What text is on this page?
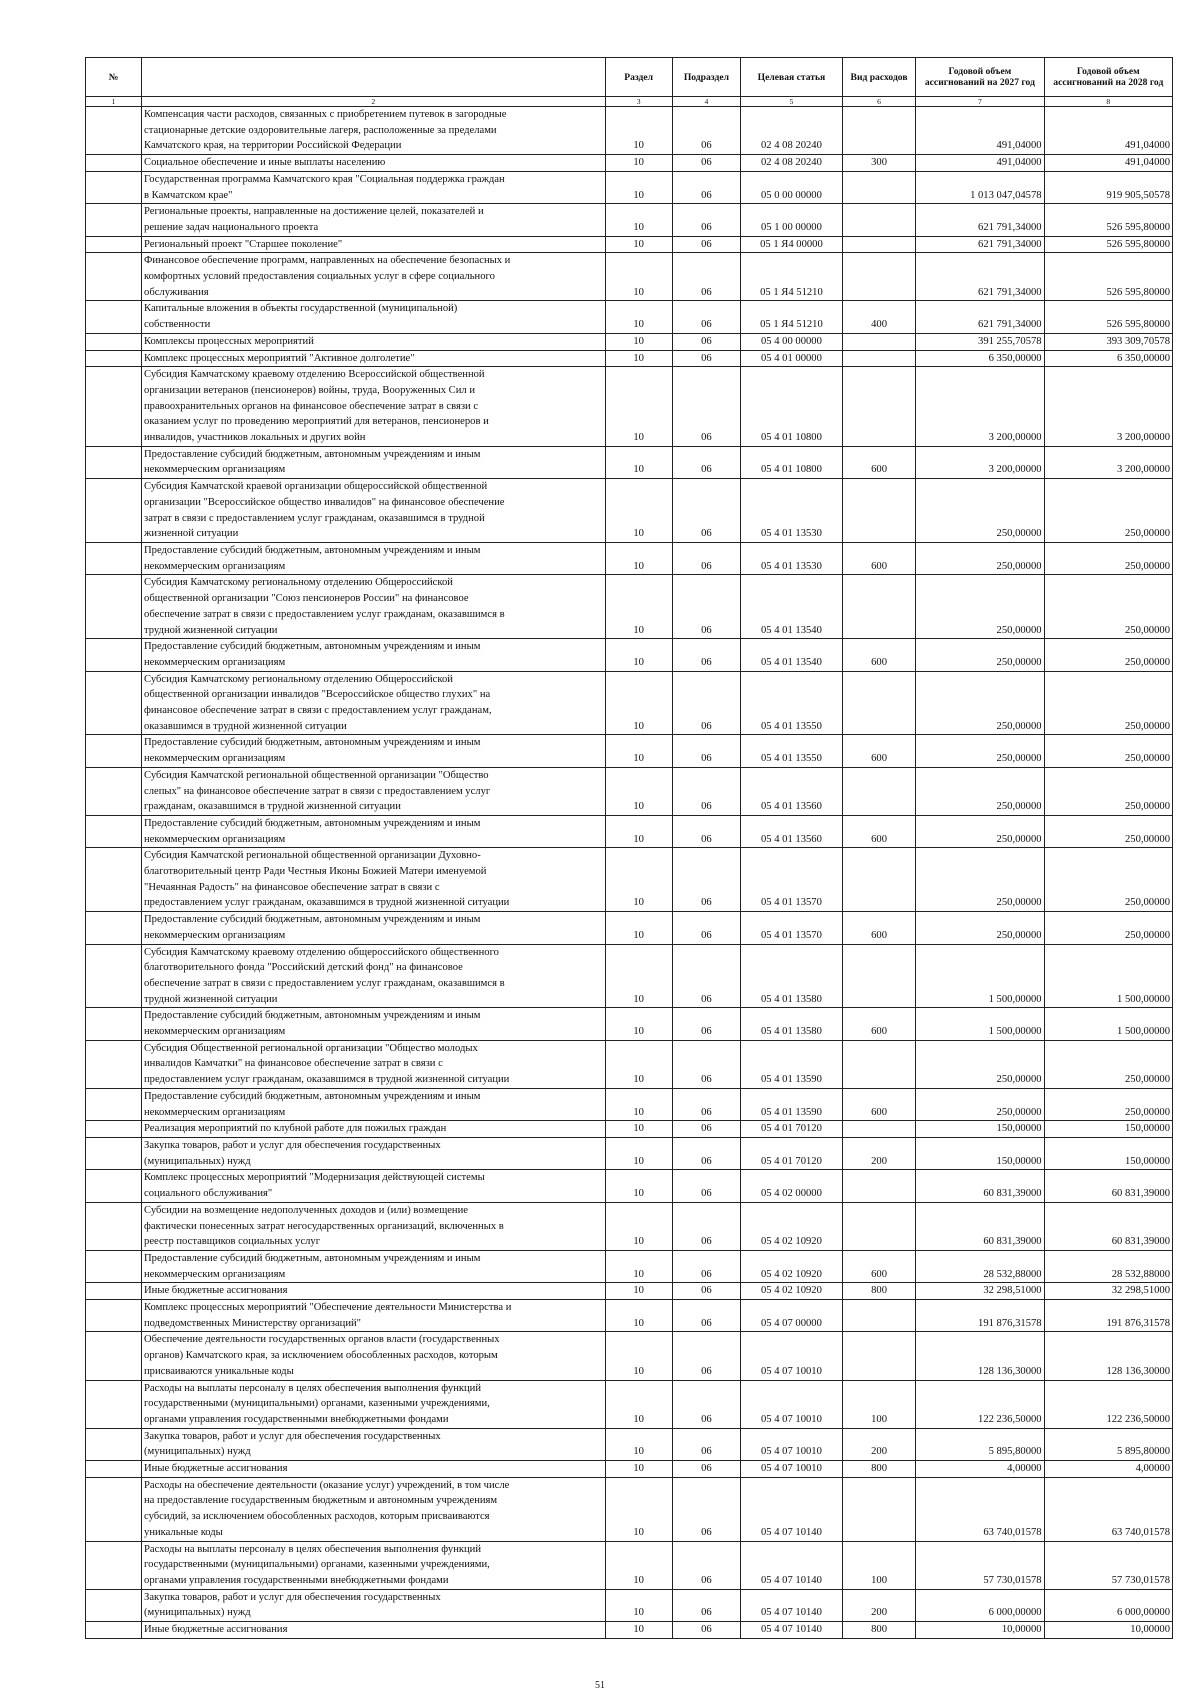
№		Раздел	Подраздел	Целевая статья	Вид расходов	Годовой объем ассигнований на 2027 год	Годовой объем ассигнований на 2028 год
1	2	3	4	5	6	7	8
	Компенсация части расходов, связанных с приобретением путевок в загородные
стационарные детские оздоровительные лагеря, расположенные за пределами
Камчатского края, на территории Российской Федерации	10	06	02 4 08 20240		491,04000	491,04000
	Социальное обеспечение и иные выплаты населению	10	06	02 4 08 20240	300	491,04000	491,04000
	Государственная программа Камчатского края "Социальная поддержка граждан
в Камчатском крае"	10	06	05 0 00 00000		1 013 047,04578	919 905,50578
	Региональные проекты, направленные на достижение целей, показателей и
решение задач национального проекта	10	06	05 1 00 00000		621 791,34000	526 595,80000
	Региональный проект "Старшее поколение"	10	06	05 1 Я4 00000		621 791,34000	526 595,80000
	Финансовое обеспечение программ, направленных на обеспечение безопасных и
комфортных условий предоставления социальных услуг в сфере социального
обслуживания	10	06	05 1 Я4 51210		621 791,34000	526 595,80000
	Капитальные вложения в объекты государственной (муниципальной)
собственности	10	06	05 1 Я4 51210	400	621 791,34000	526 595,80000
	Комплексы процессных мероприятий	10	06	05 4 00 00000		391 255,70578	393 309,70578
	Комплекс процессных мероприятий "Активное долголетие"	10	06	05 4 01 00000		6 350,00000	6 350,00000
	Субсидия Камчатскому краевому отделению Всероссийской общественной
организации ветеранов (пенсионеров) войны, труда, Вооруженных Сил и
правоохранительных органов на финансовое обеспечение затрат в связи с
оказанием услуг по проведению мероприятий для ветеранов, пенсионеров и
инвалидов, участников локальных и других войн	10	06	05 4 01 10800		3 200,00000	3 200,00000
	Предоставление субсидий бюджетным, автономным учреждениям и иным
некоммерческим организациям	10	06	05 4 01 10800	600	3 200,00000	3 200,00000
	Субсидия Камчатской краевой организации общероссийской общественной
организации "Всероссийское общество инвалидов" на финансовое обеспечение
затрат в связи с предоставлением услуг гражданам, оказавшимся в трудной
жизненной ситуации	10	06	05 4 01 13530		250,00000	250,00000
	Предоставление субсидий бюджетным, автономным учреждениям и иным
некоммерческим организациям	10	06	05 4 01 13530	600	250,00000	250,00000
	Субсидия Камчатскому региональному отделению Общероссийской
общественной организации "Союз пенсионеров России" на финансовое
обеспечение затрат в связи с предоставлением услуг гражданам, оказавшимся в
трудной жизненной ситуации	10	06	05 4 01 13540		250,00000	250,00000
	Предоставление субсидий бюджетным, автономным учреждениям и иным
некоммерческим организациям	10	06	05 4 01 13540	600	250,00000	250,00000
	Субсидия Камчатскому региональному отделению Общероссийской
общественной организации инвалидов "Всероссийское общество глухих" на
финансовое обеспечение затрат в связи с предоставлением услуг гражданам,
оказавшимся в трудной жизненной ситуации	10	06	05 4 01 13550		250,00000	250,00000
	Предоставление субсидий бюджетным, автономным учреждениям и иным
некоммерческим организациям	10	06	05 4 01 13550	600	250,00000	250,00000
	Субсидия Камчатской региональной общественной организации "Общество
слепых" на финансовое обеспечение затрат в связи с предоставлением услуг
гражданам, оказавшимся в трудной жизненной ситуации	10	06	05 4 01 13560		250,00000	250,00000
	Предоставление субсидий бюджетным, автономным учреждениям и иным
некоммерческим организациям	10	06	05 4 01 13560	600	250,00000	250,00000
	Субсидия Камчатской региональной общественной организации Духовно-
благотворительный центр Ради Честныя Иконы Божией Матери именуемой
"Нечаянная Радость" на финансовое обеспечение затрат в связи с
предоставлением услуг гражданам, оказавшимся в трудной жизненной ситуации	10	06	05 4 01 13570		250,00000	250,00000
	Предоставление субсидий бюджетным, автономным учреждениям и иным
некоммерческим организациям	10	06	05 4 01 13570	600	250,00000	250,00000
	Субсидия Камчатскому краевому отделению общероссийского общественного
благотворительного фонда "Российский детский фонд" на финансовое
обеспечение затрат в связи с предоставлением услуг гражданам, оказавшимся в
трудной жизненной ситуации	10	06	05 4 01 13580		1 500,00000	1 500,00000
	Предоставление субсидий бюджетным, автономным учреждениям и иным
некоммерческим организациям	10	06	05 4 01 13580	600	1 500,00000	1 500,00000
	Субсидия Общественной региональной организации "Общество молодых
инвалидов Камчатки" на финансовое обеспечение затрат в связи с
предоставлением услуг гражданам, оказавшимся в трудной жизненной ситуации	10	06	05 4 01 13590		250,00000	250,00000
	Предоставление субсидий бюджетным, автономным учреждениям и иным
некоммерческим организациям	10	06	05 4 01 13590	600	250,00000	250,00000
	Реализация мероприятий по клубной работе для пожилых граждан	10	06	05 4 01 70120		150,00000	150,00000
	Закупка товаров, работ и услуг для обеспечения государственных
(муниципальных) нужд	10	06	05 4 01 70120	200	150,00000	150,00000
	Комплекс процессных мероприятий "Модернизация действующей системы
социального обслуживания"	10	06	05 4 02 00000		60 831,39000	60 831,39000
	Субсидии на возмещение недополученных доходов и (или) возмещение
фактически понесенных затрат негосударственных организаций, включенных в
реестр поставщиков социальных услуг	10	06	05 4 02 10920		60 831,39000	60 831,39000
	Предоставление субсидий бюджетным, автономным учреждениям и иным
некоммерческим организациям	10	06	05 4 02 10920	600	28 532,88000	28 532,88000
	Иные бюджетные ассигнования	10	06	05 4 02 10920	800	32 298,51000	32 298,51000
	Комплекс процессных мероприятий "Обеспечение деятельности Министерства и
подведомственных Министерству организаций"	10	06	05 4 07 00000		191 876,31578	191 876,31578
	Обеспечение деятельности государственных органов власти (государственных
органов) Камчатского края, за исключением обособленных расходов, которым
присваиваются уникальные коды	10	06	05 4 07 10010		128 136,30000	128 136,30000
	Расходы на выплаты персоналу в целях обеспечения выполнения функций
государственными (муниципальными) органами, казенными учреждениями,
органами управления государственными внебюджетными фондами	10	06	05 4 07 10010	100	122 236,50000	122 236,50000
	Закупка товаров, работ и услуг для обеспечения государственных
(муниципальных) нужд	10	06	05 4 07 10010	200	5 895,80000	5 895,80000
	Иные бюджетные ассигнования	10	06	05 4 07 10010	800	4,00000	4,00000
	Расходы на обеспечение деятельности (оказание услуг) учреждений, в том числе
на предоставление государственным бюджетным и автономным учреждениям
субсидий, за исключением обособленных расходов, которым присваиваются
уникальные коды	10	06	05 4 07 10140		63 740,01578	63 740,01578
	Расходы на выплаты персоналу в целях обеспечения выполнения функций
государственными (муниципальными) органами, казенными учреждениями,
органами управления государственными внебюджетными фондами	10	06	05 4 07 10140	100	57 730,01578	57 730,01578
	Закупка товаров, работ и услуг для обеспечения государственных
(муниципальных) нужд	10	06	05 4 07 10140	200	6 000,00000	6 000,00000
	Иные бюджетные ассигнования	10	06	05 4 07 10140	800	10,00000	10,00000
51
